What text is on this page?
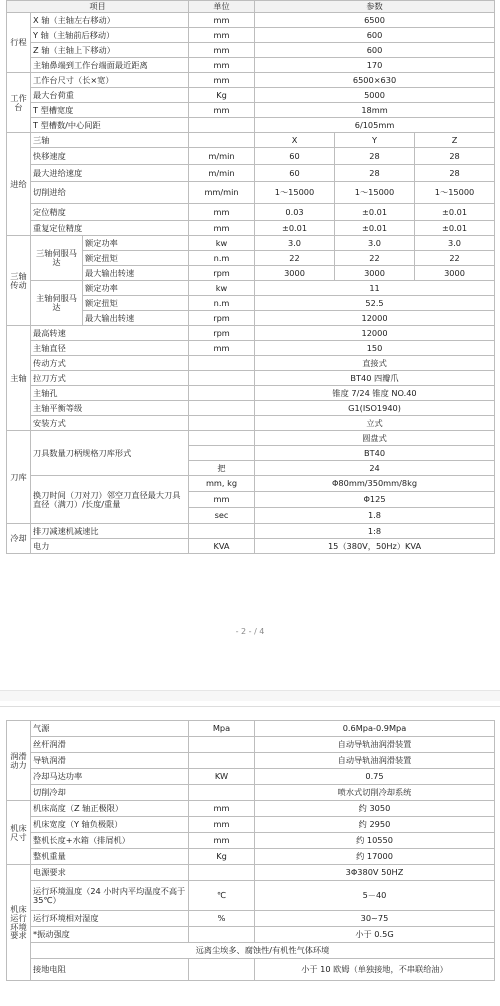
项目			单位	参数		
行程	X 轴（主轴左右移动）		mm	6500		
	Y 轴（主轴前后移动）		mm	600		
	Z 轴（主轴上下移动）		mm	600		
	主轴鼻端到工作台端面最近距离		mm	170		
工作台	工作台尺寸（长×宽）		mm	6500×630		
	最大台荷重		Kg	5000		
	T 型槽宽度		mm	18mm		
	T 型槽数/中心间距			6/105mm		
进给	三轴			X	Y	Z
	快移速度		m/min	60	28	28
	最大进给速度		m/min	60	28	28
	切削进给		mm/min	1～15000	1～15000	1～15000
	定位精度		mm	0.03	±0.01	±0.01
	重复定位精度		mm	±0.01	±0.01	±0.01
三轴传动	三轴伺服马达	额定功率	kw	3.0	3.0	3.0
		额定扭矩	n.m	22	22	22
		最大输出转速	rpm	3000	3000	3000
	主轴伺服马达	额定功率	kw	11		
		额定扭矩	n.m	52.5		
		最大输出转速	rpm	12000		
主轴	最高转速		rpm	12000		
	主轴直径		mm	150		
	传动方式			直接式		
	拉刀方式			BT40 四瓣爪		
	主轴孔			锥度 7/24 锥度 NO.40		
	主轴平衡等级			G1(ISO1940)		
	安装方式			立式		
刀库	刀具数量刀柄规格刀库形式			圆盘式		
				BT40		
			把	24		
	换刀时间（刀对刀）邻空刀直径最大刀具直径（满刀）/长度/重量		mm, kg	Φ80mm/350mm/8kg		
			mm	Φ125		
			sec	1.8		
冷却	排刀减速机减速比			1:8		
	电力		KVA	15（380V，50Hz）KVA		
- 2 - / 4
润滑动力	气源	Mpa	0.6Mpa-0.9Mpa
	丝杆润滑		自动导轨油润滑装置
	导轨润滑		自动导轨油润滑装置
	冷却马达功率	KW	0.75
	切削冷却		喷水式切削冷却系统
机床尺寸	机床高度（Z 轴正极限）	mm	约 3050
	机床宽度（Y 轴负极限）	mm	约 2950
	整机长度+水箱（排屑机）	mm	约 10550
	整机重量	Kg	约 17000
机床运行环境要求	电源要求		3Φ380V 50HZ
	运行环境温度（24 小时内平均温度不高于 35℃）	℃	5－40
	运行环境相对湿度	%	30~75
	*振动强度		小于 0.5G
	远离尘埃多、腐蚀性/有机性气体环境		
	接地电阻		小于 10 欧姆（单独接地，不串联给油）
